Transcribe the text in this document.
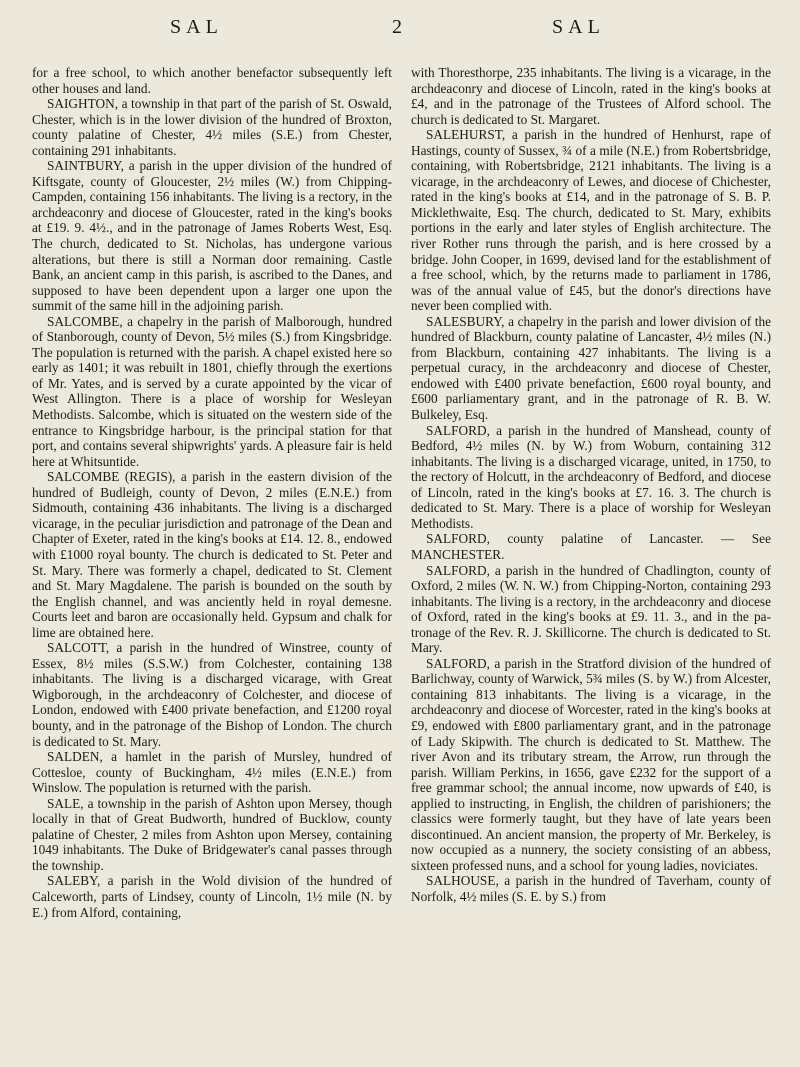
SAL	2	SAL

for a free school, to which another benefactor subsequently left other houses and land.

SAIGHTON, a township in that part of the parish of St. Oswald, Chester, which is in the lower division of the hundred of Broxton, county palatine of Chester, 4½ miles (S.E.) from Chester, containing 291 inhabitants.

SAINTBURY, a parish in the upper division of the hundred of Kiftsgate, county of Gloucester, 2½ miles (W.) from Chipping-Campden, containing 156 inhabitants. The living is a rectory, in the archdeaconry and diocese of Gloucester, rated in the king's books at £19. 9. 4½., and in the patronage of James Roberts West, Esq. The church, dedicated to St. Nicholas, has undergone various alterations, but there is still a Norman door remaining. Castle Bank, an ancient camp in this parish, is ascribed to the Danes, and supposed to have been dependent upon a larger one upon the summit of the same hill in the adjoining parish.

SALCOMBE, a chapelry in the parish of Malborough, hundred of Stanborough, county of Devon, 5½ miles (S.) from Kingsbridge. The population is returned with the parish. A chapel existed here so early as 1401; it was rebuilt in 1801, chiefly through the exertions of Mr. Yates, and is served by a curate appointed by the vicar of West Allington. There is a place of worship for Wesleyan Methodists. Salcombe, which is situated on the western side of the entrance to Kingsbridge harbour, is the principal station for that port, and contains several shipwrights' yards. A pleasure fair is held here at Whitsuntide.

SALCOMBE (REGIS), a parish in the eastern division of the hundred of Budleigh, county of Devon, 2 miles (E.N.E.) from Sidmouth, containing 436 inhabitants. The living is a discharged vicarage, in the peculiar jurisdiction and patronage of the Dean and Chapter of Exeter, rated in the king's books at £14. 12. 8., endowed with £1000 royal bounty. The church is dedicated to St. Peter and St. Mary. There was formerly a chapel, dedicated to St. Clement and St. Mary Magdalene. The parish is bounded on the south by the English channel, and was anciently held in royal demesne. Courts leet and baron are occasionally held. Gypsum and chalk for lime are obtained here.

SALCOTT, a parish in the hundred of Winstree, county of Essex, 8½ miles (S.S.W.) from Colchester, containing 138 inhabitants. The living is a discharged vicarage, with Great Wigborough, in the archdeaconry of Colchester, and diocese of London, endowed with £400 private benefaction, and £1200 royal bounty, and in the patronage of the Bishop of London. The church is dedicated to St. Mary.

SALDEN, a hamlet in the parish of Mursley, hundred of Cottesloe, county of Buckingham, 4½ miles (E.N.E.) from Winslow. The population is returned with the parish.

SALE, a township in the parish of Ashton upon Mersey, though locally in that of Great Budworth, hundred of Bucklow, county palatine of Chester, 2 miles from Ashton upon Mersey, containing 1049 inhabitants. The Duke of Bridgewater's canal passes through the township.

SALEBY, a parish in the Wold division of the hundred of Calceworth, parts of Lindsey, county of Lincoln, 1½ mile (N. by E.) from Alford, containing,

with Thoresthorpe, 235 inhabitants. The living is a vicarage, in the archdeaconry and diocese of Lincoln, rated in the king's books at £4, and in the patronage of the Trustees of Alford school. The church is dedicated to St. Margaret.

SALEHURST, a parish in the hundred of Henhurst, rape of Hastings, county of Sussex, ¾ of a mile (N.E.) from Robertsbridge, containing, with Robertsbridge, 2121 inhabitants. The living is a vicarage, in the archdeaconry of Lewes, and diocese of Chichester, rated in the king's books at £14, and in the patronage of S. B. P. Micklethwaite, Esq. The church, dedicated to St. Mary, exhibits portions in the early and later styles of English architecture. The river Rother runs through the parish, and is here crossed by a bridge. John Cooper, in 1699, devised land for the establishment of a free school, which, by the returns made to parliament in 1786, was of the annual value of £45, but the donor's directions have never been complied with.

SALESBURY, a chapelry in the parish and lower division of the hundred of Blackburn, county palatine of Lancaster, 4½ miles (N.) from Blackburn, containing 427 inhabitants. The living is a perpetual curacy, in the archdeaconry and diocese of Chester, endowed with £400 private benefaction, £600 royal bounty, and £600 parliamentary grant, and in the patronage of R. B. W. Bulkeley, Esq.

SALFORD, a parish in the hundred of Manshead, county of Bedford, 4½ miles (N. by W.) from Woburn, containing 312 inhabitants. The living is a discharged vicarage, united, in 1750, to the rectory of Holcutt, in the archdeaconry of Bedford, and diocese of Lincoln, rated in the king's books at £7. 16. 3. The church is dedicated to St. Mary. There is a place of worship for Wesleyan Methodists.

SALFORD, county palatine of Lancaster. — See MANCHESTER.

SALFORD, a parish in the hundred of Chadlington, county of Oxford, 2 miles (W. N. W.) from Chipping-Norton, containing 293 inhabitants. The living is a rectory, in the archdeaconry and diocese of Oxford, rated in the king's books at £9. 11. 3., and in the patronage of the Rev. R. J. Skillicorne. The church is dedicated to St. Mary.

SALFORD, a parish in the Stratford division of the hundred of Barlichway, county of Warwick, 5¾ miles (S. by W.) from Alcester, containing 813 inhabitants. The living is a vicarage, in the archdeaconry and diocese of Worcester, rated in the king's books at £9, endowed with £800 parliamentary grant, and in the patronage of Lady Skipwith. The church is dedicated to St. Matthew. The river Avon and its tributary stream, the Arrow, run through the parish. William Perkins, in 1656, gave £232 for the support of a free grammar school; the annual income, now upwards of £40, is applied to instructing, in English, the children of parishioners; the classics were formerly taught, but they have of late years been discontinued. An ancient mansion, the property of Mr. Berkeley, is now occupied as a nunnery, the society consisting of an abbess, sixteen professed nuns, and a school for young ladies, noviciates.

SALHOUSE, a parish in the hundred of Taverham, county of Norfolk, 4½ miles (S. E. by S.) from
